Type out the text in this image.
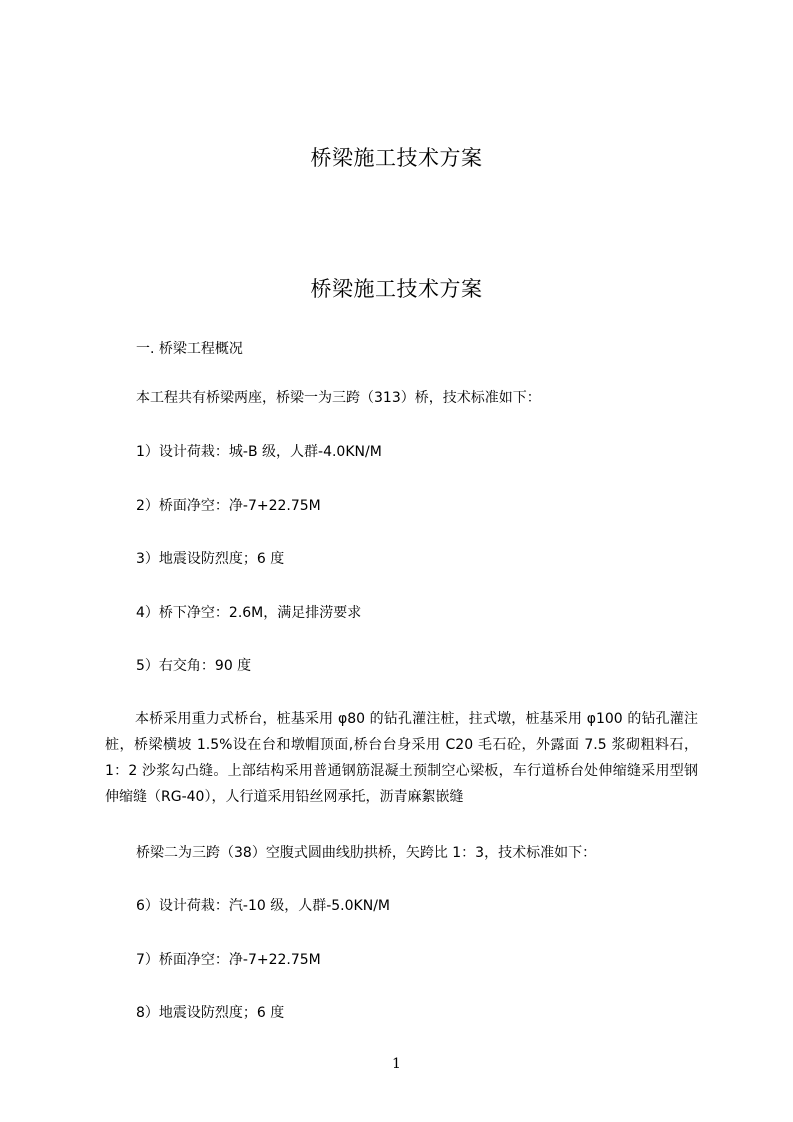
桥梁施工技术方案
桥梁施工技术方案
一. 桥梁工程概况
本工程共有桥梁两座，桥梁一为三跨（313）桥，技术标准如下：
1）设计荷栽：城-B 级，人群-4.0KN/M
2）桥面净空：净-7+22.75M
3）地震设防烈度；6 度
4）桥下净空：2.6M，满足排涝要求
5）右交角：90 度
本桥采用重力式桥台，桩基采用 φ80 的钻孔灌注桩，拄式墩，桩基采用 φ100 的钻孔灌注桩，桥梁横坡 1.5%设在台和墩帽顶面,桥台台身采用 C20 毛石砼，外露面 7.5 浆砌粗料石，1：2 沙浆勾凸缝。上部结构采用普通钢筋混凝土预制空心梁板，车行道桥台处伸缩缝采用型钢伸缩缝（RG-40），人行道采用铅丝网承托，沥青麻絮嵌缝
桥梁二为三跨（38）空腹式圆曲线肋拱桥，矢跨比 1：3，技术标准如下：
6）设计荷栽：汽-10 级，人群-5.0KN/M
7）桥面净空：净-7+22.75M
8）地震设防烈度；6 度
1
